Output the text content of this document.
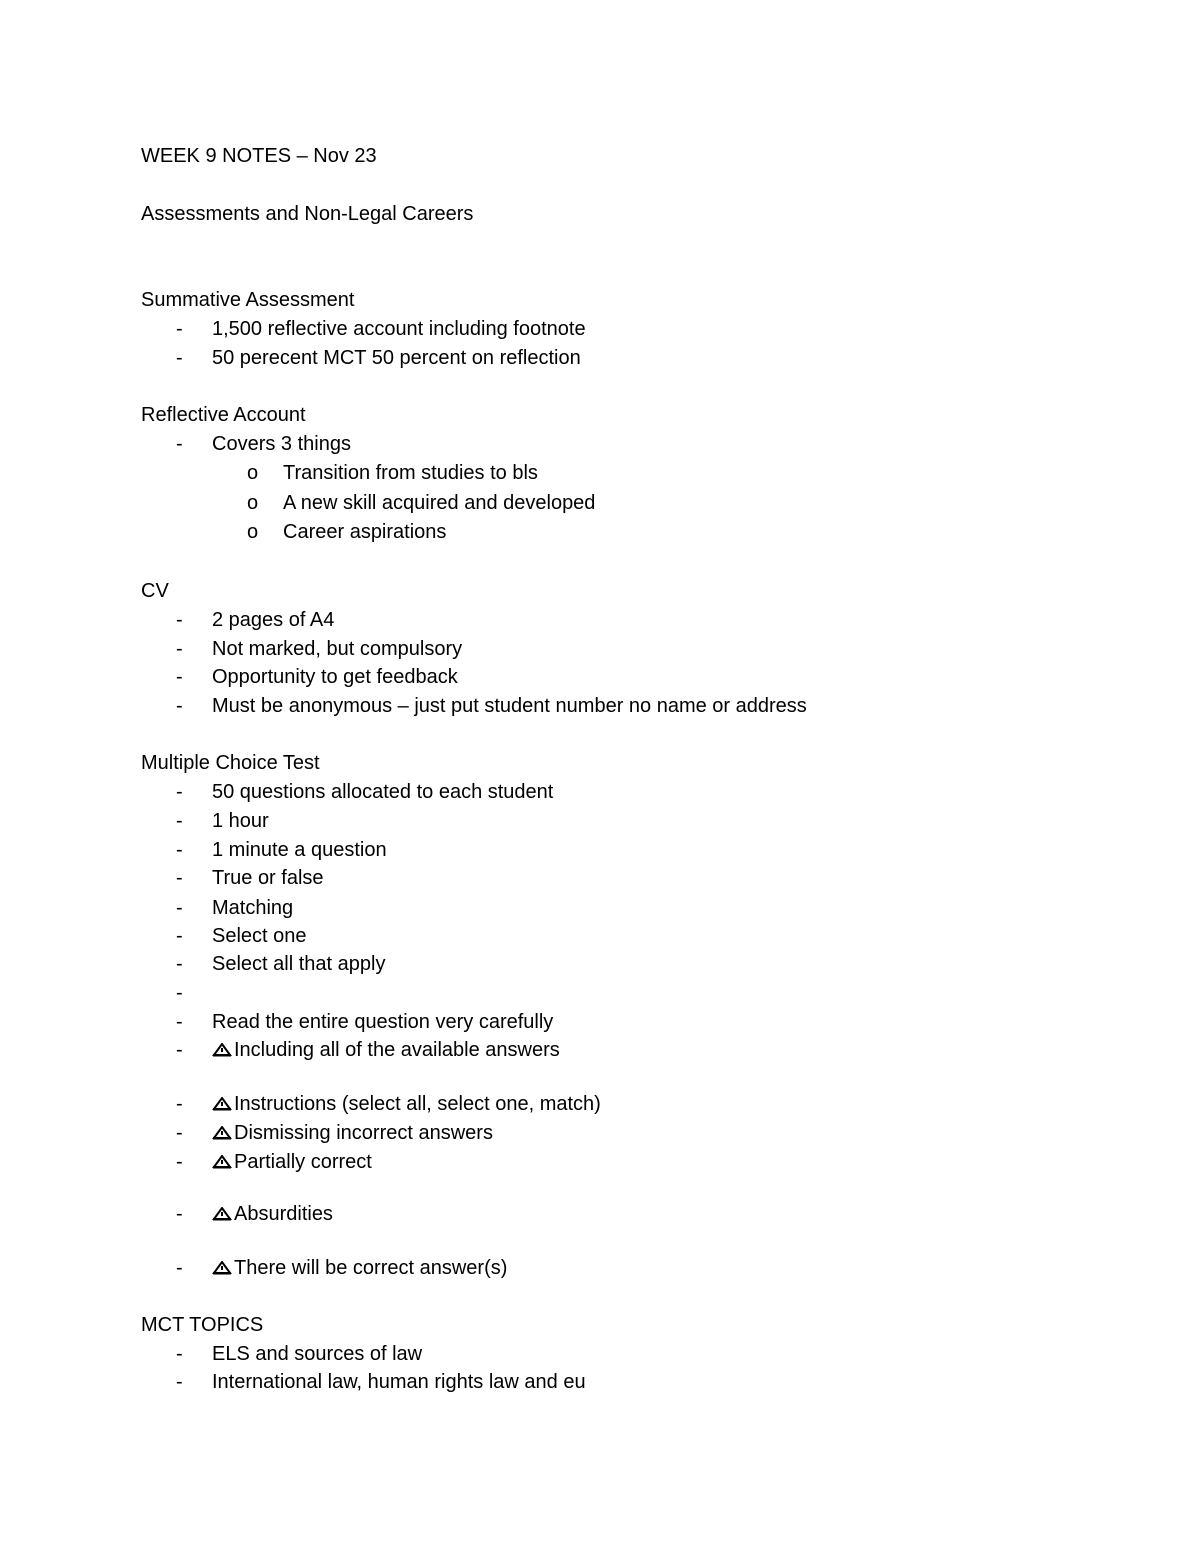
WEEK 9 NOTES – Nov 23

Assessments and Non-Legal Careers

Summative Assessment

- 1,500 reflective account including footnote

- 50 perecent MCT 50 percent on reflection

Reflective Account

- Covers 3 things

o Transition from studies to bls

o A new skill acquired and developed

o Career aspirations

CV

- 2 pages of A4

- Not marked, but compulsory

- Opportunity to get feedback

- Must be anonymous – just put student number no name or address

Multiple Choice Test

- 50 questions allocated to each student

- 1 hour

- 1 minute a question

- True or false

- Matching

- Select one

- Select all that apply

-

- Read the entire question very carefully

-	Including all of the available answers

-	Instructions (select all, select one, match)

-	Dismissing incorrect answers

-	Partially correct

-	Absurdities

-	There will be correct answer(s)

MCT TOPICS

- ELS and sources of law

- International law, human rights law and eu
